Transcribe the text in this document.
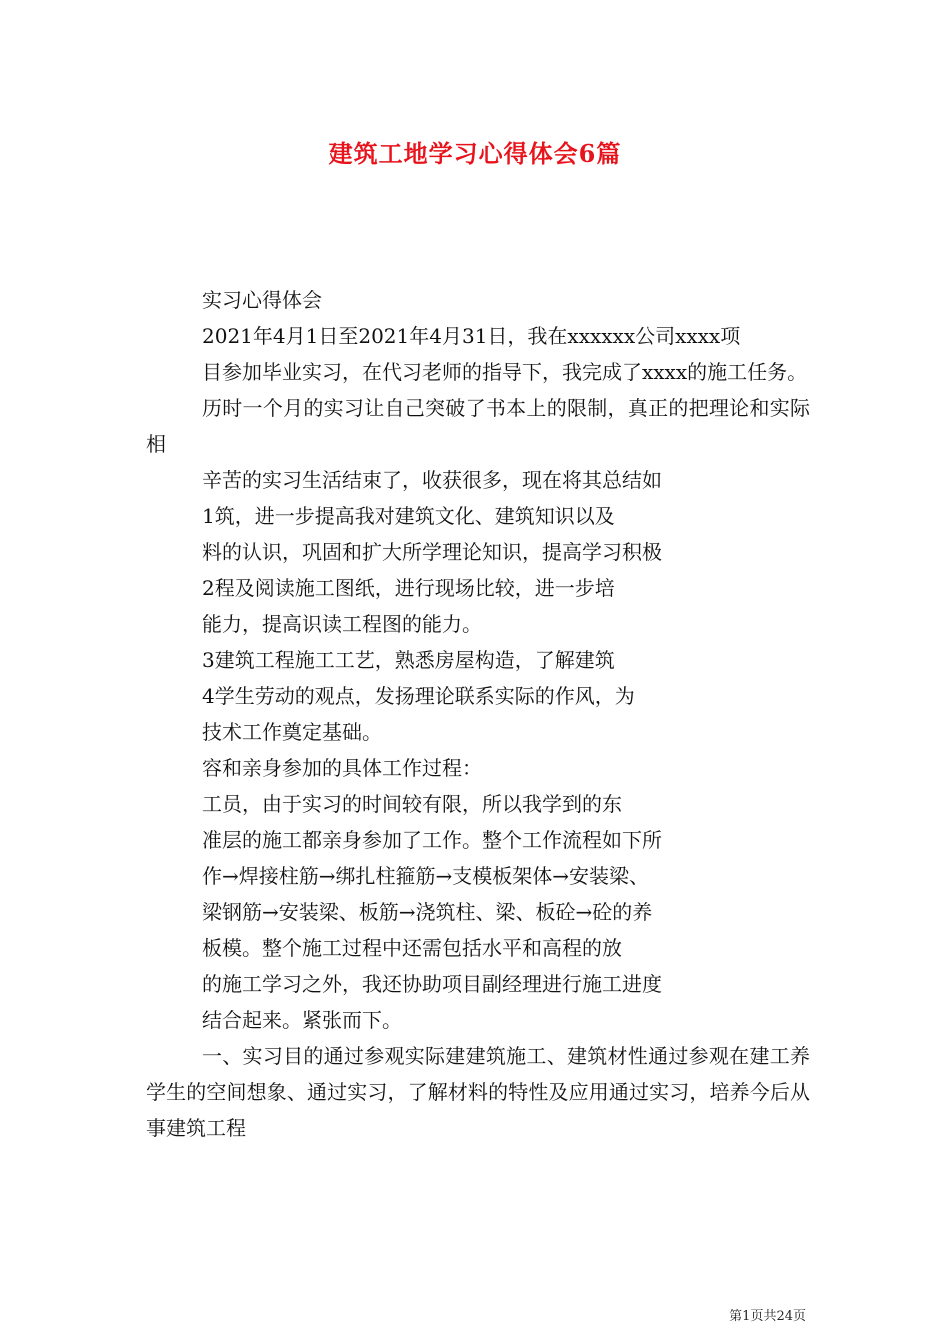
建筑工地学习心得体会6篇

实习心得体会

2021年4月1日至2021年4月31日，我在xxxxxx公司xxxx项

目参加毕业实习，在代习老师的指导下，我完成了xxxx的施工任务。

历时一个月的实习让自己突破了书本上的限制，真正的把理论和实际相

辛苦的实习生活结束了，收获很多，现在将其总结如

1筑，进一步提高我对建筑文化、建筑知识以及

料的认识，巩固和扩大所学理论知识，提高学习积极

2程及阅读施工图纸，进行现场比较，进一步培

能力，提高识读工程图的能力。

3建筑工程施工工艺，熟悉房屋构造，了解建筑

4学生劳动的观点，发扬理论联系实际的作风，为

技术工作奠定基础。

容和亲身参加的具体工作过程：

工员，由于实习的时间较有限，所以我学到的东

准层的施工都亲身参加了工作。整个工作流程如下所

作→焊接柱筋→绑扎柱箍筋→支模板架体→安装梁、

梁钢筋→安装梁、板筋→浇筑柱、梁、板砼→砼的养

板模。整个施工过程中还需包括水平和高程的放

的施工学习之外，我还协助项目副经理进行施工进度

结合起来。紧张而下。

一、实习目的通过参观实际建建筑施工、建筑材性通过参观在建工养学生的空间想象、通过实习，了解材料的特性及应用通过实习，培养今后从事建筑工程

第1页共24页
